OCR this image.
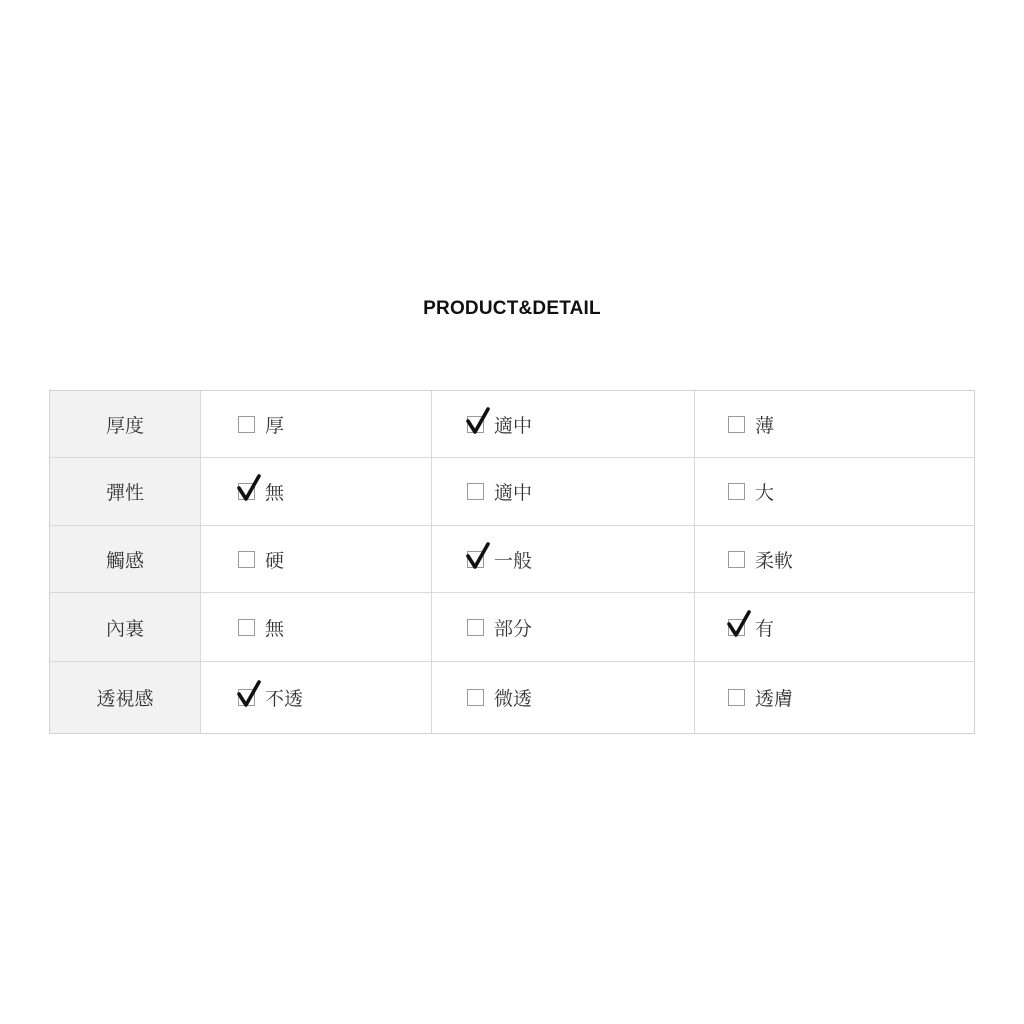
PRODUCT&DETAIL
厚度	厚	適中	薄
彈性	無	適中	大
觸感	硬	一般	柔軟
內裏	無	部分	有
透視感	不透	微透	透膚
